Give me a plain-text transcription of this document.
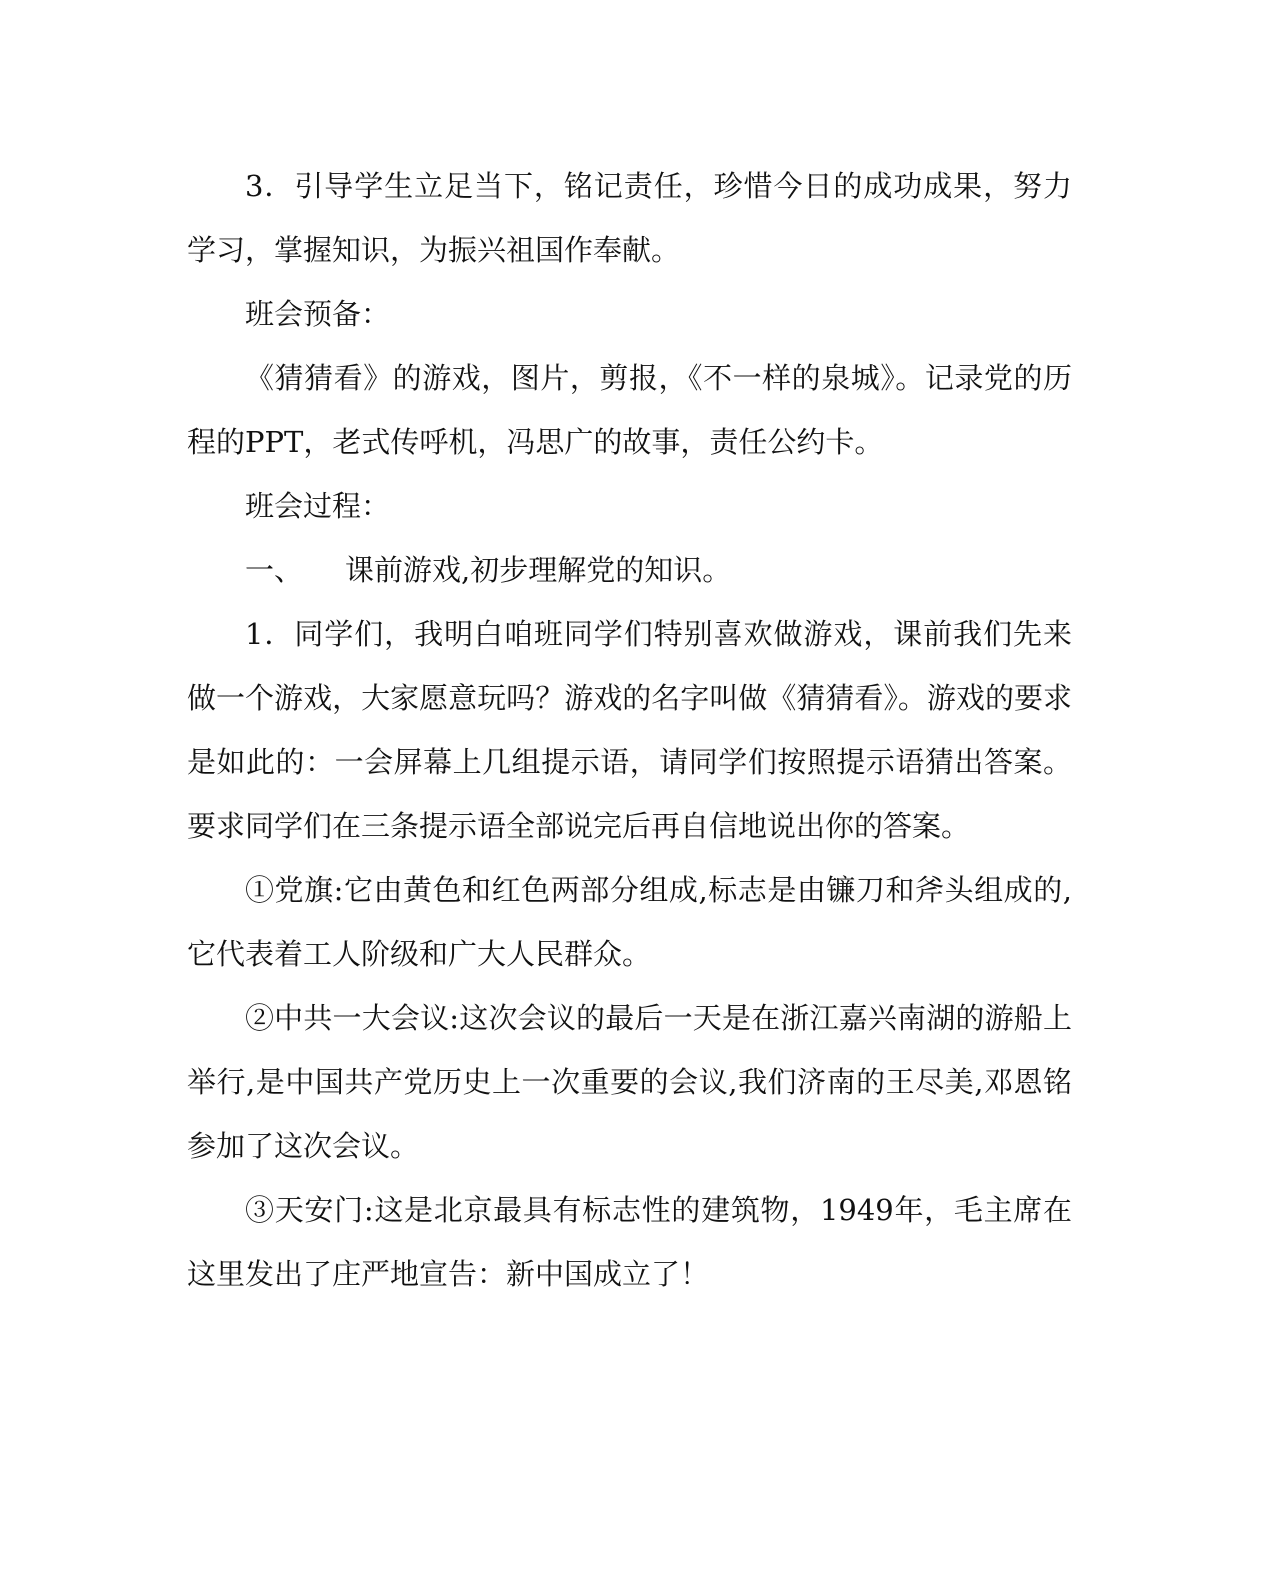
3．引导学生立足当下，铭记责任，珍惜今日的成功成果，努力学习，掌握知识，为振兴祖国作奉献。

班会预备：

《猜猜看》的游戏，图片，剪报，《不一样的泉城》。记录党的历程的PPT，老式传呼机，冯思广的故事，责任公约卡。

班会过程：

一、 课前游戏,初步理解党的知识。

1．同学们，我明白咱班同学们特别喜欢做游戏，课前我们先来做一个游戏，大家愿意玩吗？游戏的名字叫做《猜猜看》。游戏的要求是如此的：一会屏幕上几组提示语，请同学们按照提示语猜出答案。要求同学们在三条提示语全部说完后再自信地说出你的答案。

①党旗:它由黄色和红色两部分组成,标志是由镰刀和斧头组成的,它代表着工人阶级和广大人民群众。

②中共一大会议:这次会议的最后一天是在浙江嘉兴南湖的游船上举行,是中国共产党历史上一次重要的会议,我们济南的王尽美,邓恩铭参加了这次会议。

③天安门:这是北京最具有标志性的建筑物，1949年，毛主席在这里发出了庄严地宣告：新中国成立了！
